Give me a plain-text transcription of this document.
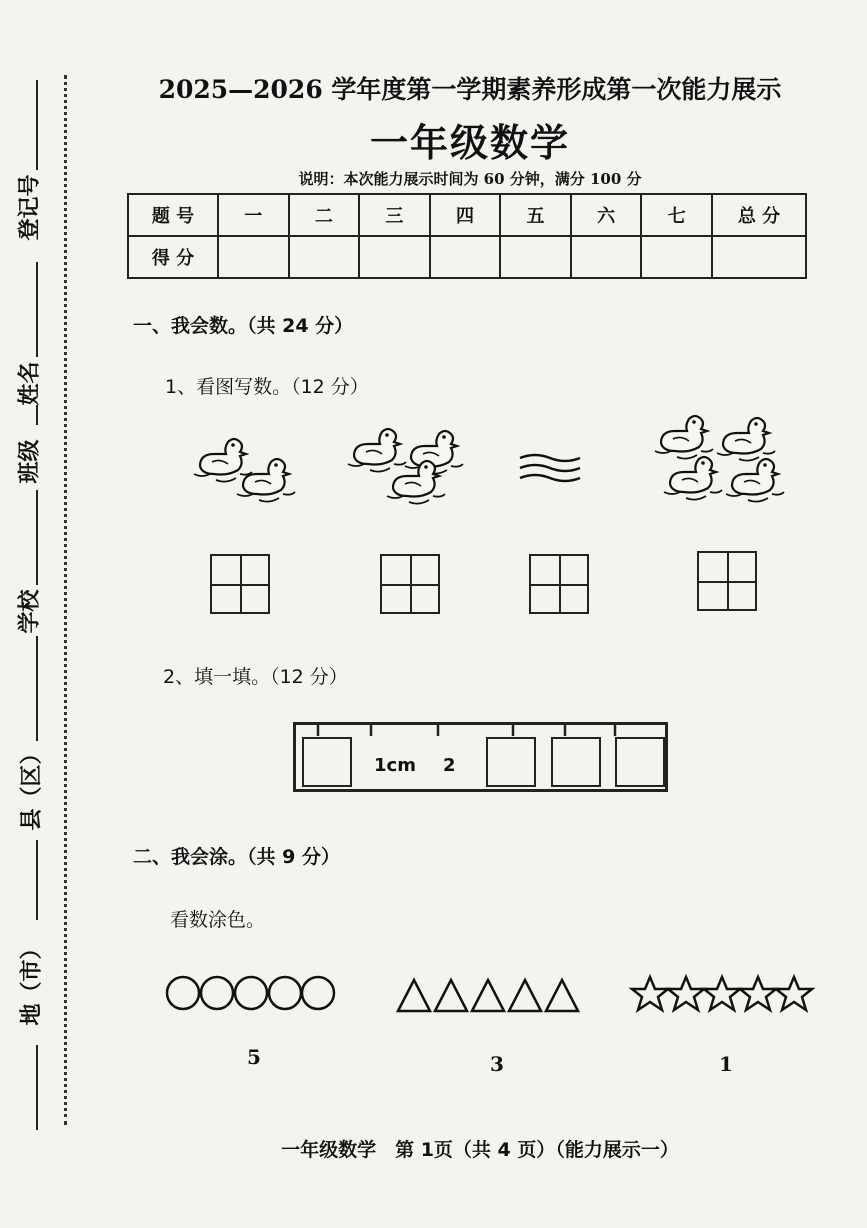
登记号
姓名
班级
学校
县（区）
地（市）
2025—2026 学年度第一学期素养形成第一次能力展示
一年级数学
说明：本次能力展示时间为 60 分钟，满分 100 分
题 号	一	二	三	四	五	六	七	总 分
得 分								
一、我会数。（共 24 分）
1、看图写数。（12 分）
2、填一填。（12 分）
1cm 2
二、我会涂。（共 9 分）
看数涂色。
5	3	1
一年级数学　第 1页（共 4 页）（能力展示一）
